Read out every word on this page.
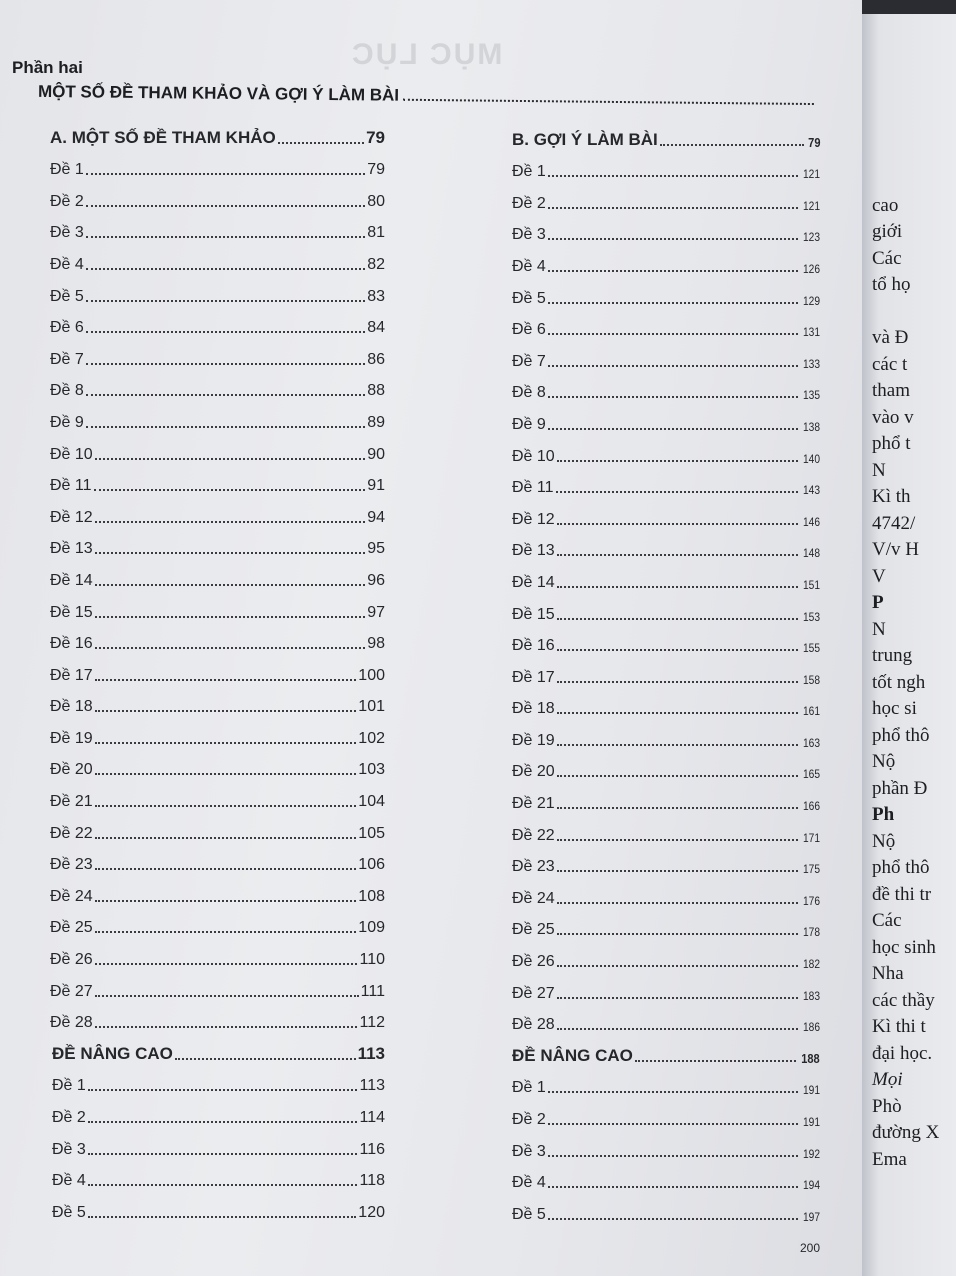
MỤC LỤC
Phần hai
MỘT SỐ ĐỀ THAM KHẢO VÀ GỢI Ý LÀM BÀI
A. MỘT SỐ ĐỀ THAM KHẢO	79
Đề 1	79
Đề 2	80
Đề 3	81
Đề 4	82
Đề 5	83
Đề 6	84
Đề 7	86
Đề 8	88
Đề 9	89
Đề 10	90
Đề 11	91
Đề 12	94
Đề 13	95
Đề 14	96
Đề 15	97
Đề 16	98
Đề 17	100
Đề 18	101
Đề 19	102
Đề 20	103
Đề 21	104
Đề 22	105
Đề 23	106
Đề 24	108
Đề 25	109
Đề 26	110
Đề 27	111
Đề 28	112
ĐỀ NÂNG CAO	113
Đề 1	113
Đề 2	114
Đề 3	116
Đề 4	118
Đề 5	120
B. GỢI Ý LÀM BÀI	79
Đề 1	121
Đề 2	121
Đề 3	123
Đề 4	126
Đề 5	129
Đề 6	131
Đề 7	133
Đề 8	135
Đề 9	138
Đề 10	140
Đề 11	143
Đề 12	146
Đề 13	148
Đề 14	151
Đề 15	153
Đề 16	155
Đề 17	158
Đề 18	161
Đề 19	163
Đề 20	165
Đề 21	166
Đề 22	171
Đề 23	175
Đề 24	176
Đề 25	178
Đề 26	182
Đề 27	183
Đề 28	186
ĐỀ NÂNG CAO	188
Đề 1	191
Đề 2	191
Đề 3	192
Đề 4	194
Đề 5	197
200
cao
giới
Các
tổ họ
và Đ
các t
tham
vào v
phổ t
N
Kì th
4742/
V/v H
V
P
N
trung
tốt ngh
học si
phổ thô
Nộ
phần Đ
Ph
Nộ
phổ thô
đề thi tr
Các
học sinh
Nha
các thầy
Kì thi t
đại học.
Mọi
Phò
đường X
Ema
